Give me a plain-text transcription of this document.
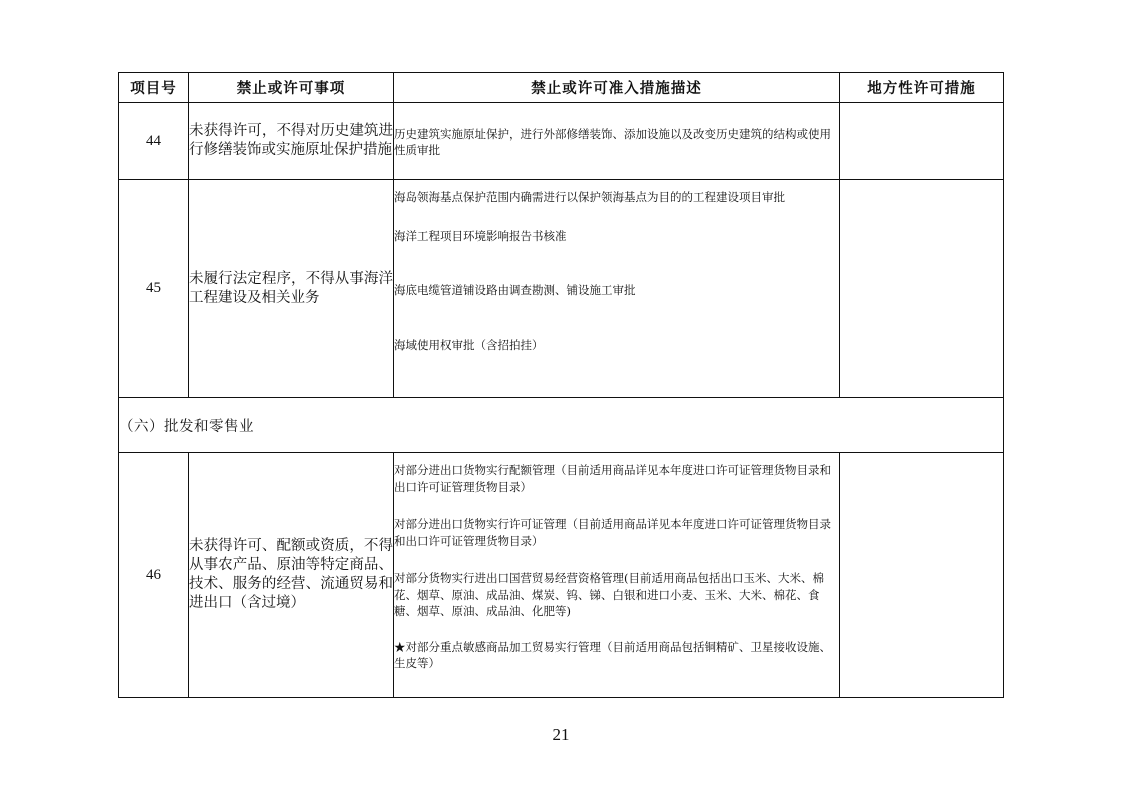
项目号	禁止或许可事项	禁止或许可准入措施描述	地方性许可措施
44	未获得许可，不得对历史建筑进行修缮装饰或实施原址保护措施	历史建筑实施原址保护，进行外部修缮装饰、添加设施以及改变历史建筑的结构或使用性质审批	

45	未履行法定程序，不得从事海洋工程建设及相关业务	海岛领海基点保护范围内确需进行以保护领海基点为目的的工程建设项目审批
海洋工程项目环境影响报告书核准
海底电缆管道铺设路由调查勘测、铺设施工审批
海域使用权审批（含招拍挂）	

（六）批发和零售业			
46	未获得许可、配额或资质，不得从事农产品、原油等特定商品、技术、服务的经营、流通贸易和进出口（含过境）	对部分进出口货物实行配额管理（目前适用商品详见本年度进口许可证管理货物目录和出口许可证管理货物目录）
对部分进出口货物实行许可证管理（目前适用商品详见本年度进口许可证管理货物目录和出口许可证管理货物目录）
对部分货物实行进出口国营贸易经营资格管理(目前适用商品包括出口玉米、大米、棉花、烟草、原油、成品油、煤炭、钨、锑、白银和进口小麦、玉米、大米、棉花、食糖、烟草、原油、成品油、化肥等)
★对部分重点敏感商品加工贸易实行管理（目前适用商品包括铜精矿、卫星接收设施、生皮等）	

21
